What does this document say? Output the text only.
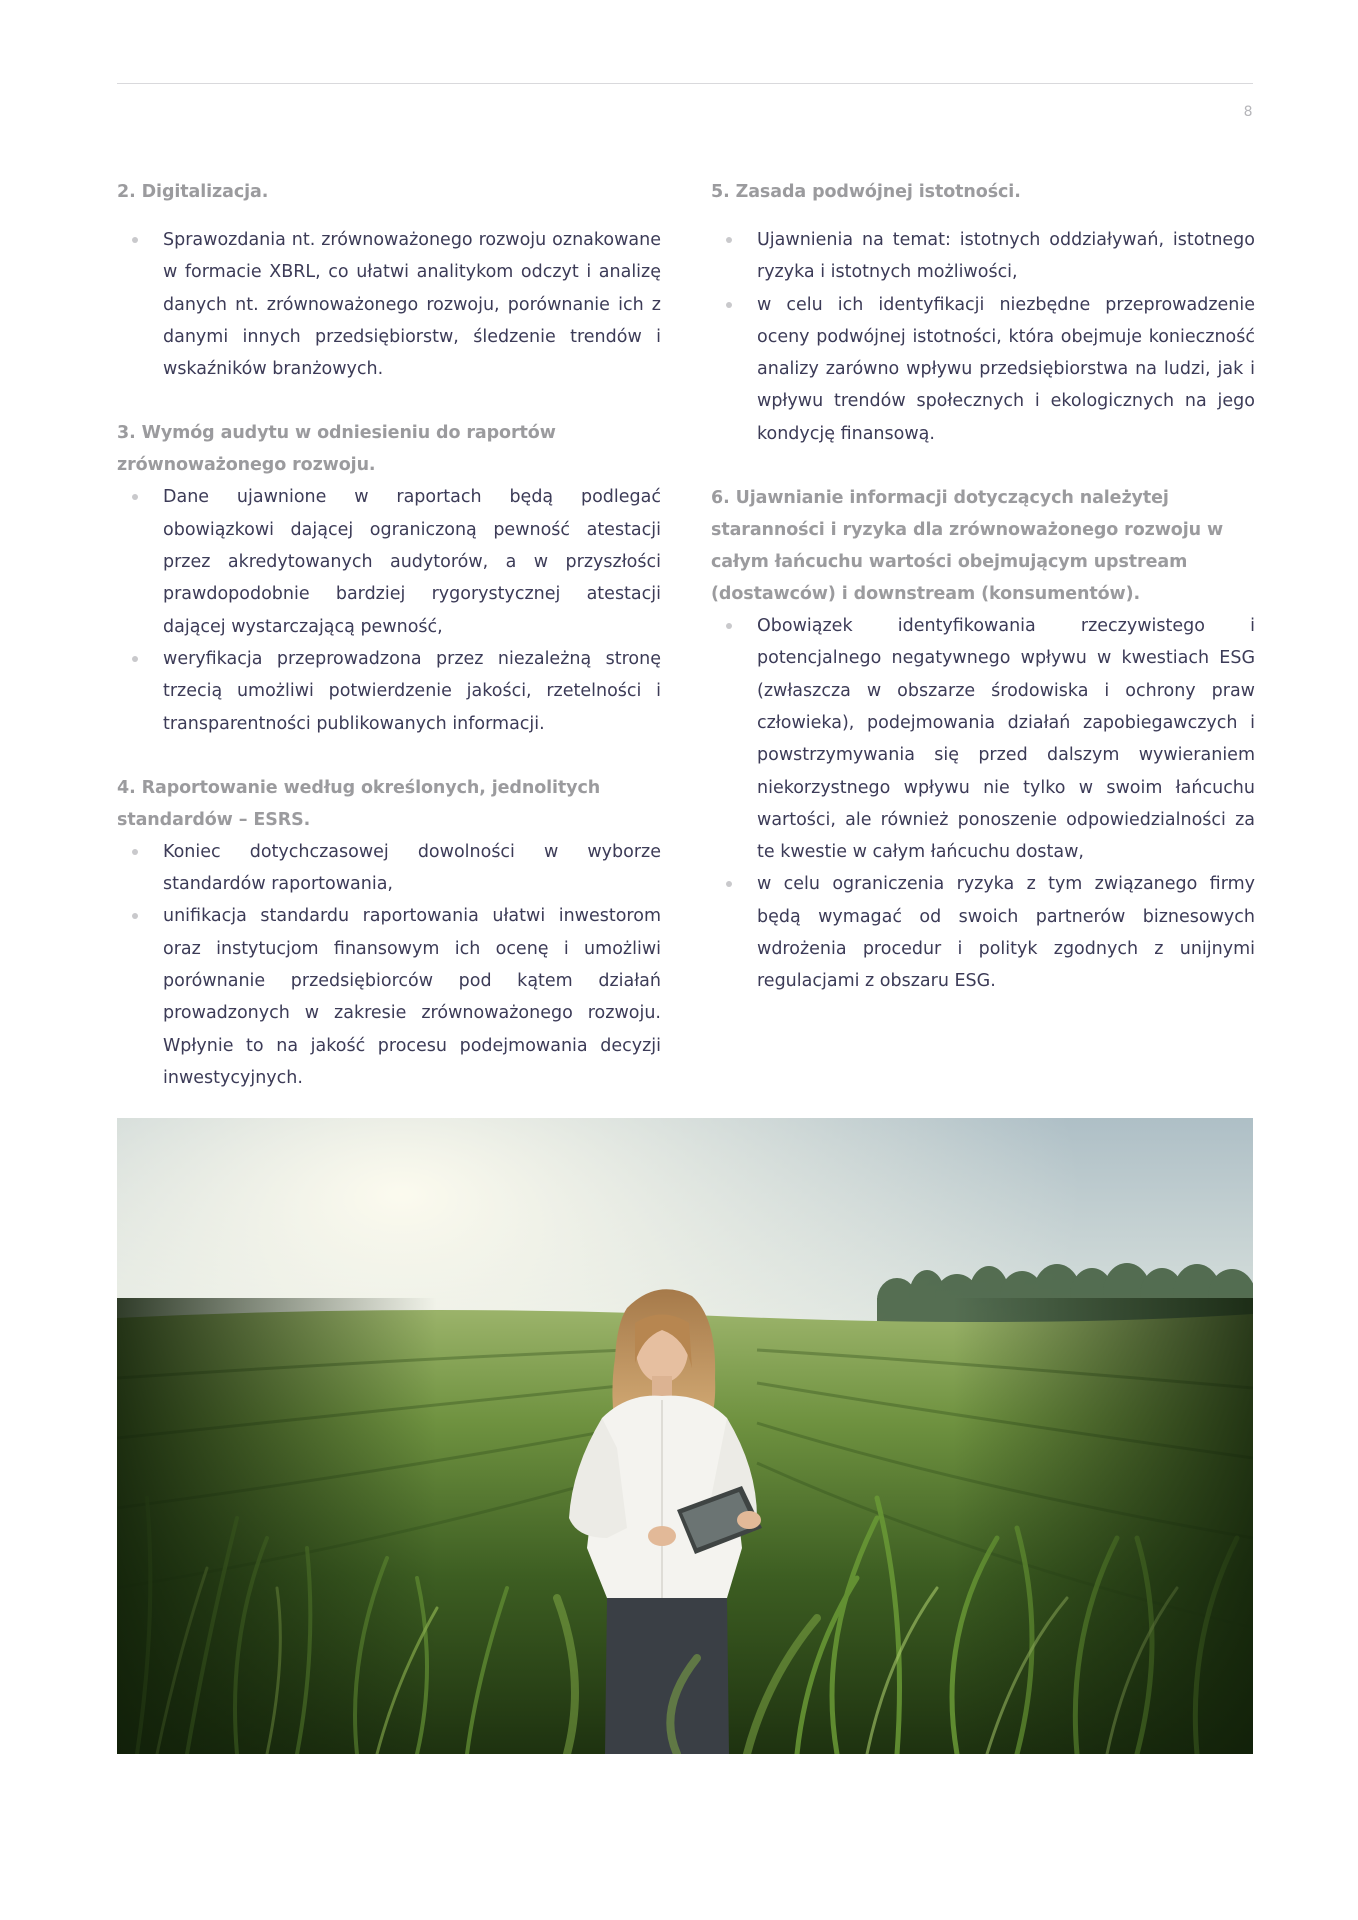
8

2. Digitalizacja.

Sprawozdania nt. zrównoważonego rozwoju oznakowane w formacie XBRL, co ułatwi analitykom odczyt i analizę danych nt. zrównoważonego rozwoju, porównanie ich z danymi innych przedsiębiorstw, śledzenie trendów i wskaźników branżowych.

3. Wymóg audytu w odniesieniu do raportów zrównoważonego rozwoju.

Dane ujawnione w raportach będą podlegać obowiązkowi dającej ograniczoną pewność atestacji przez akredytowanych audytorów, a w przyszłości prawdopodobnie bardziej rygorystycznej atestacji dającej wystarczającą pewność,
weryfikacja przeprowadzona przez niezależną stronę trzecią umożliwi potwierdzenie jakości, rzetelności i transparentności publikowanych informacji.

4. Raportowanie według określonych, jednolitych standardów – ESRS.

Koniec dotychczasowej dowolności w wyborze standardów raportowania,
unifikacja standardu raportowania ułatwi inwestorom oraz instytucjom finansowym ich ocenę i umożliwi porównanie przedsiębiorców pod kątem działań prowadzonych w zakresie zrównoważonego rozwoju. Wpłynie to na jakość procesu podejmowania decyzji inwestycyjnych.

5. Zasada podwójnej istotności.

Ujawnienia na temat: istotnych oddziaływań, istotnego ryzyka i istotnych możliwości,
w celu ich identyfikacji niezbędne przeprowadzenie oceny podwójnej istotności, która obejmuje konieczność analizy zarówno wpływu przedsiębiorstwa na ludzi, jak i wpływu trendów społecznych i ekologicznych na jego kondycję finansową.

6. Ujawnianie informacji dotyczących należytej staranności i ryzyka dla zrównoważonego rozwoju w całym łańcuchu wartości obejmującym upstream (dostawców) i downstream (konsumentów).

Obowiązek identyfikowania rzeczywistego i potencjalnego negatywnego wpływu w kwestiach ESG (zwłaszcza w obszarze środowiska i ochrony praw człowieka), podejmowania działań zapobiegawczych i powstrzymywania się przed dalszym wywieraniem niekorzystnego wpływu nie tylko w swoim łańcuchu wartości, ale również ponoszenie odpowiedzialności za te kwestie w całym łańcuchu dostaw,
w celu ograniczenia ryzyka z tym związanego firmy będą wymagać od swoich partnerów biznesowych wdrożenia procedur i polityk zgodnych z unijnymi regulacjami z obszaru ESG.
